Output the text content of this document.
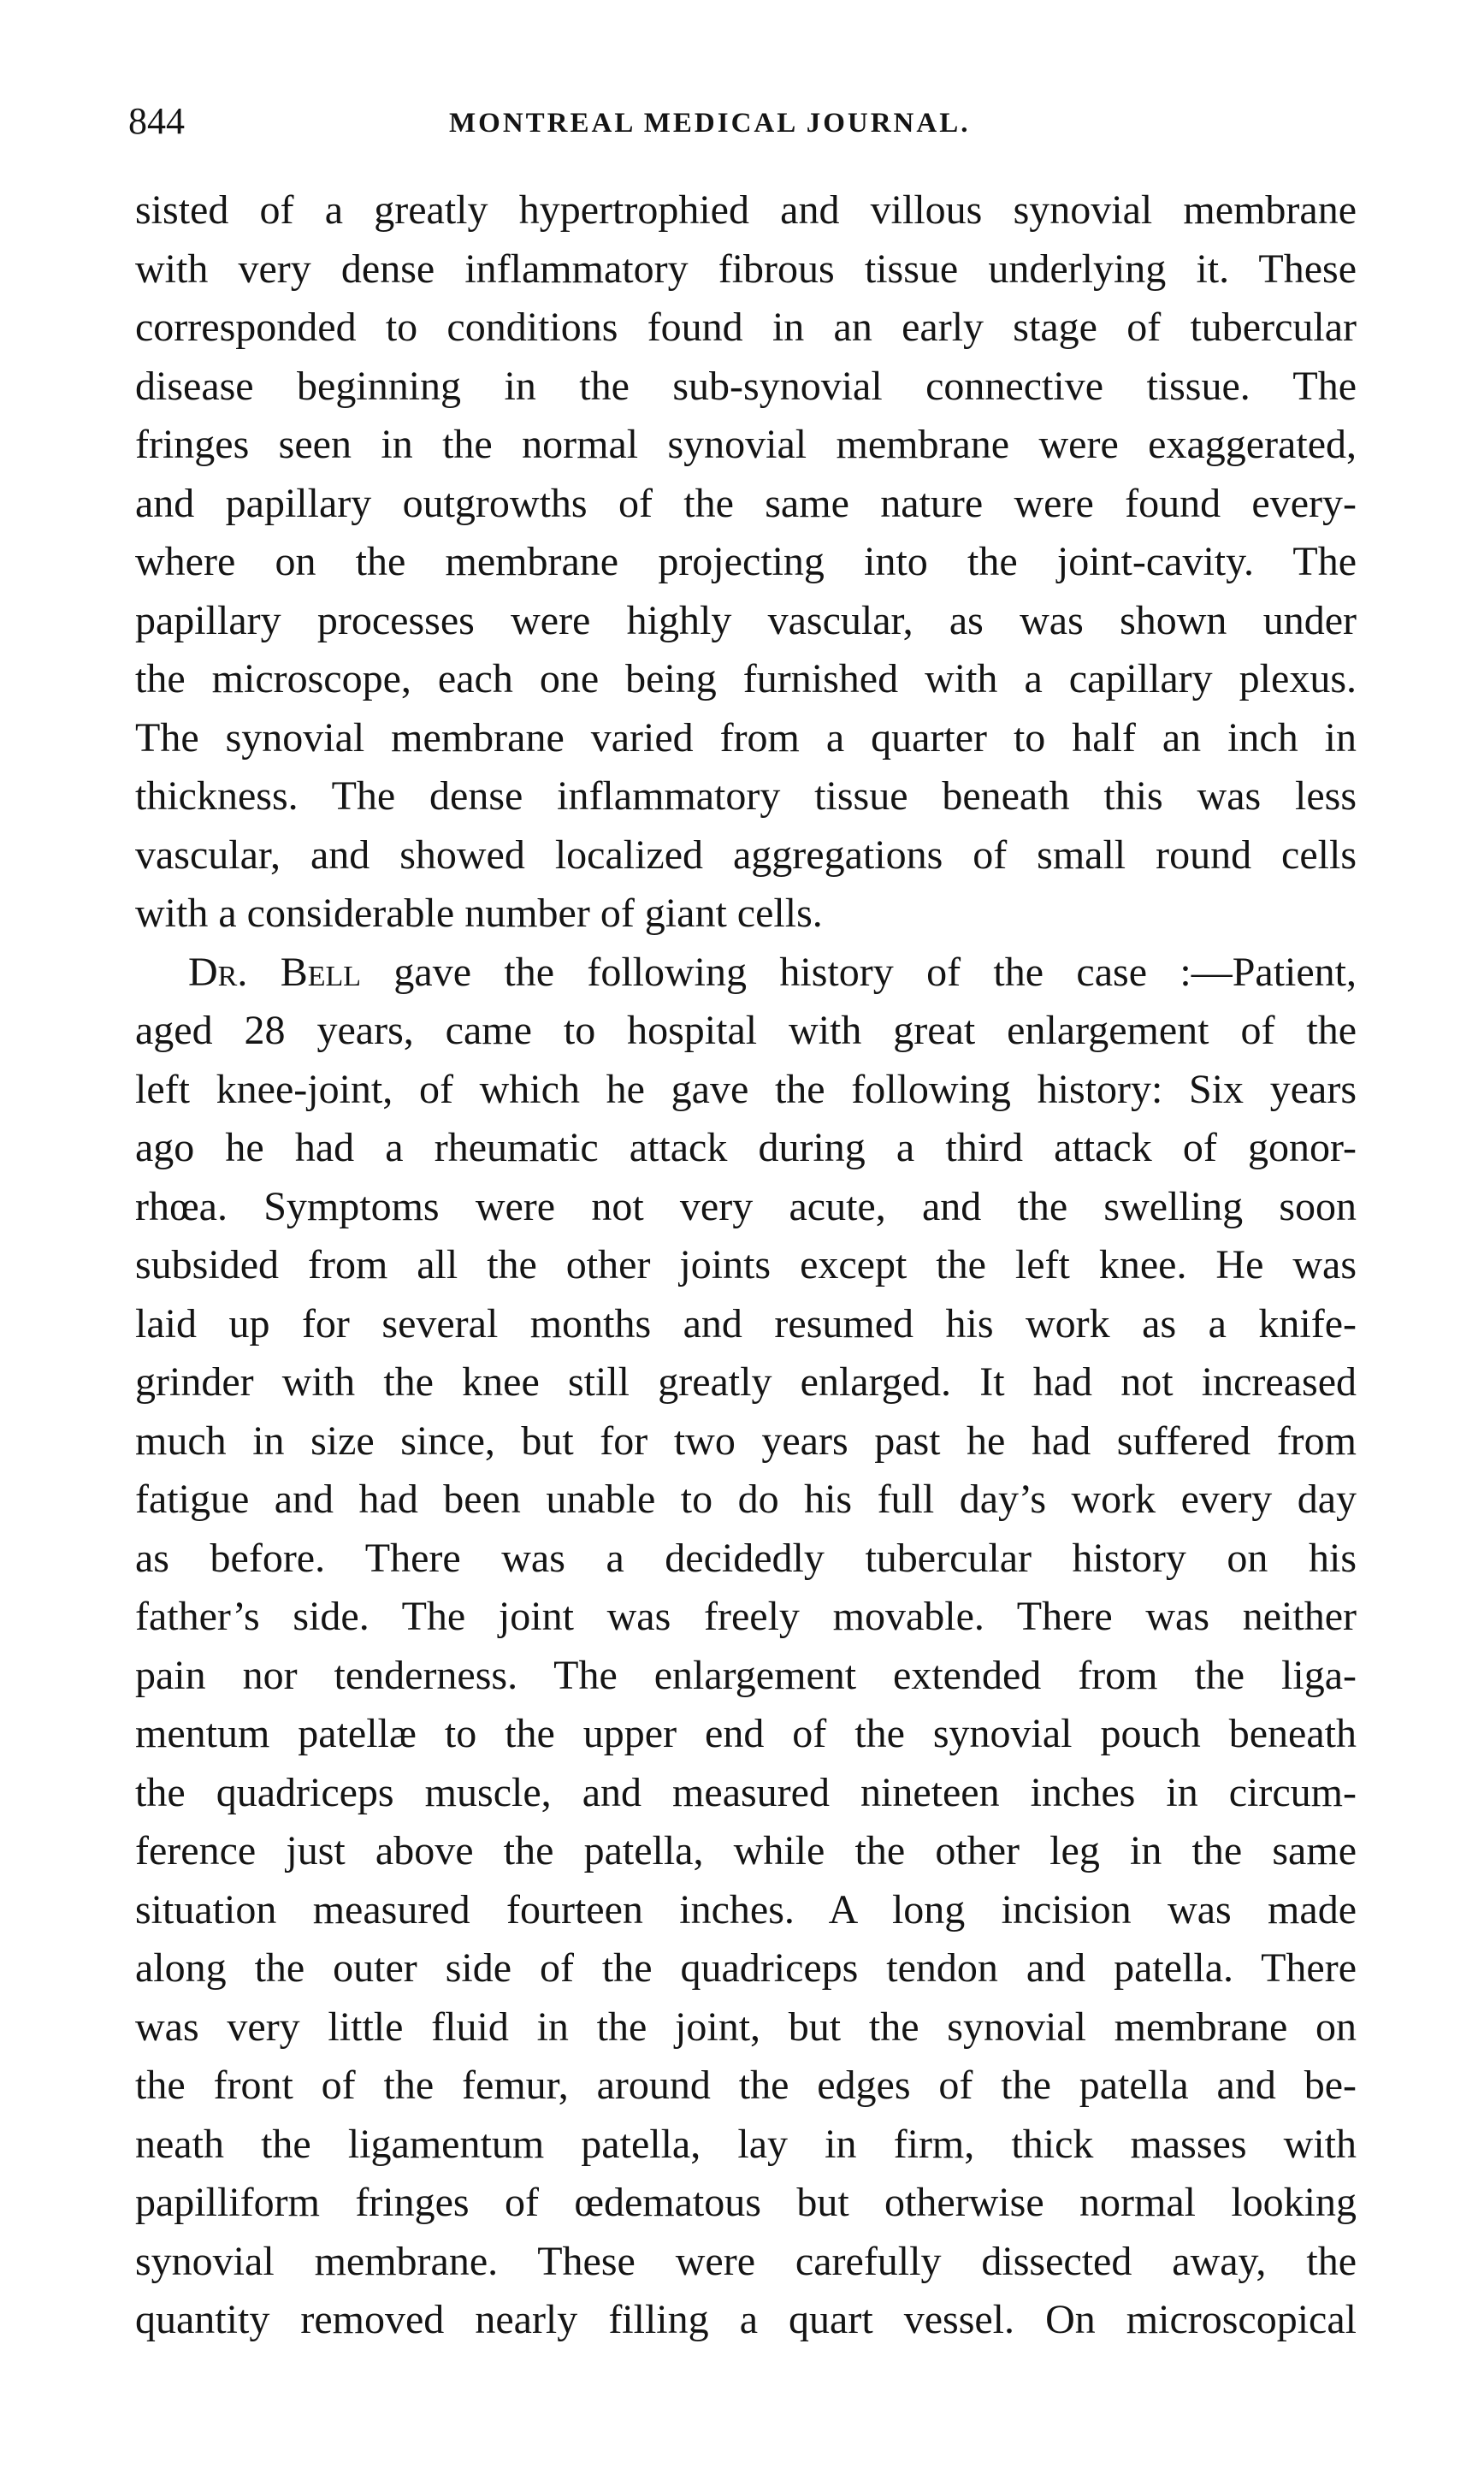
844	MONTREAL MEDICAL JOURNAL.
sisted of a greatly hypertrophied and villous synovial membrane
with very dense inflammatory fibrous tissue underlying it. These
corresponded to conditions found in an early stage of tubercular
disease beginning in the sub-synovial connective tissue. The
fringes seen in the normal synovial membrane were exaggerated,
and papillary outgrowths of the same nature were found every-
where on the membrane projecting into the joint-cavity. The
papillary processes were highly vascular, as was shown under
the microscope, each one being furnished with a capillary plexus.
The synovial membrane varied from a quarter to half an inch in
thickness. The dense inflammatory tissue beneath this was less
vascular, and showed localized aggregations of small round cells
with a considerable number of giant cells.
Dr. Bell gave the following history of the case :—Patient,
aged 28 years, came to hospital with great enlargement of the
left knee-joint, of which he gave the following history: Six years
ago he had a rheumatic attack during a third attack of gonor-
rhœa. Symptoms were not very acute, and the swelling soon
subsided from all the other joints except the left knee. He was
laid up for several months and resumed his work as a knife-
grinder with the knee still greatly enlarged. It had not increased
much in size since, but for two years past he had suffered from
fatigue and had been unable to do his full day’s work every day
as before. There was a decidedly tubercular history on his
father’s side. The joint was freely movable. There was neither
pain nor tenderness. The enlargement extended from the liga-
mentum patellæ to the upper end of the synovial pouch beneath
the quadriceps muscle, and measured nineteen inches in circum-
ference just above the patella, while the other leg in the same
situation measured fourteen inches. A long incision was made
along the outer side of the quadriceps tendon and patella. There
was very little fluid in the joint, but the synovial membrane on
the front of the femur, around the edges of the patella and be-
neath the ligamentum patella, lay in firm, thick masses with
papilliform fringes of œdematous but otherwise normal looking
synovial membrane. These were carefully dissected away, the
quantity removed nearly filling a quart vessel. On microscopical
